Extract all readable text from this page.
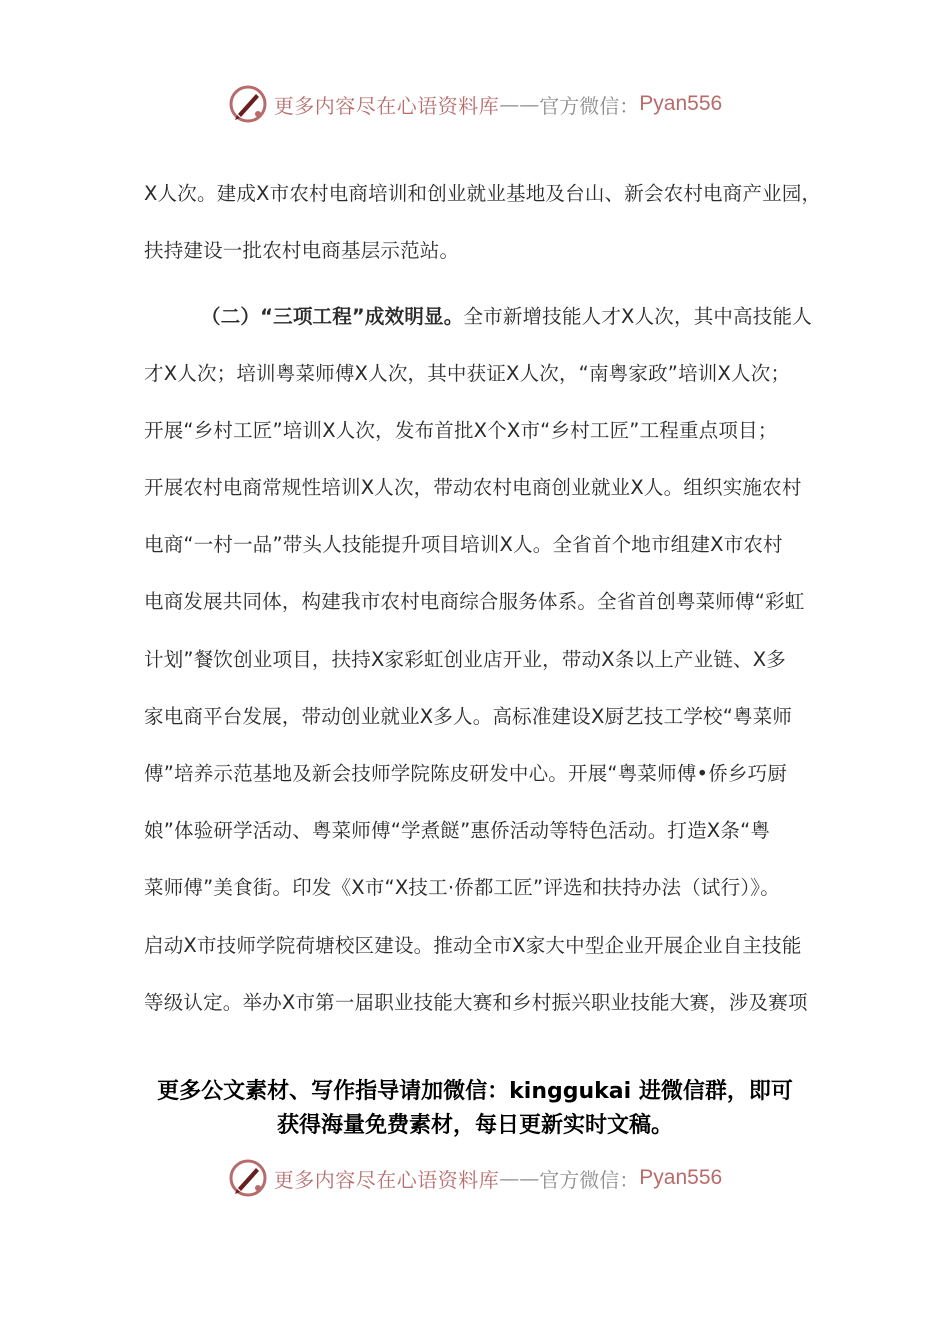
更多内容尽在心语资料库 —— 官方微信： Pyan556
X人次。建成X市农村电商培训和创业就业基地及台山、新会农村电商产业园，
扶持建设一批农村电商基层示范站。
（二）“三项工程”成效明显。全市新增技能人才X人次，其中高技能人
才X人次；培训粤菜师傅X人次，其中获证X人次，“南粤家政”培训X人次；
开展“乡村工匠”培训X人次，发布首批X个X市“乡村工匠”工程重点项目；
开展农村电商常规性培训X人次，带动农村电商创业就业X人。组织实施农村
电商“一村一品”带头人技能提升项目培训X人。全省首个地市组建X市农村
电商发展共同体，构建我市农村电商综合服务体系。全省首创粤菜师傅“彩虹
计划”餐饮创业项目，扶持X家彩虹创业店开业，带动X条以上产业链、X多
家电商平台发展，带动创业就业X多人。高标准建设X厨艺技工学校“粤菜师
傅”培养示范基地及新会技师学院陈皮研发中心。开展“粤菜师傅•侨乡巧厨
娘”体验研学活动、粤菜师傅“学煮餸”惠侨活动等特色活动。打造X条“粤
菜师傅”美食街。印发《X市“X技工·侨都工匠”评选和扶持办法（试行）》。
启动X市技师学院荷塘校区建设。推动全市X家大中型企业开展企业自主技能
等级认定。举办X市第一届职业技能大赛和乡村振兴职业技能大赛，涉及赛项
更多公文素材、写作指导请加微信：kinggukai 进微信群，即可
获得海量免费素材，每日更新实时文稿。
更多内容尽在心语资料库 —— 官方微信： Pyan556
